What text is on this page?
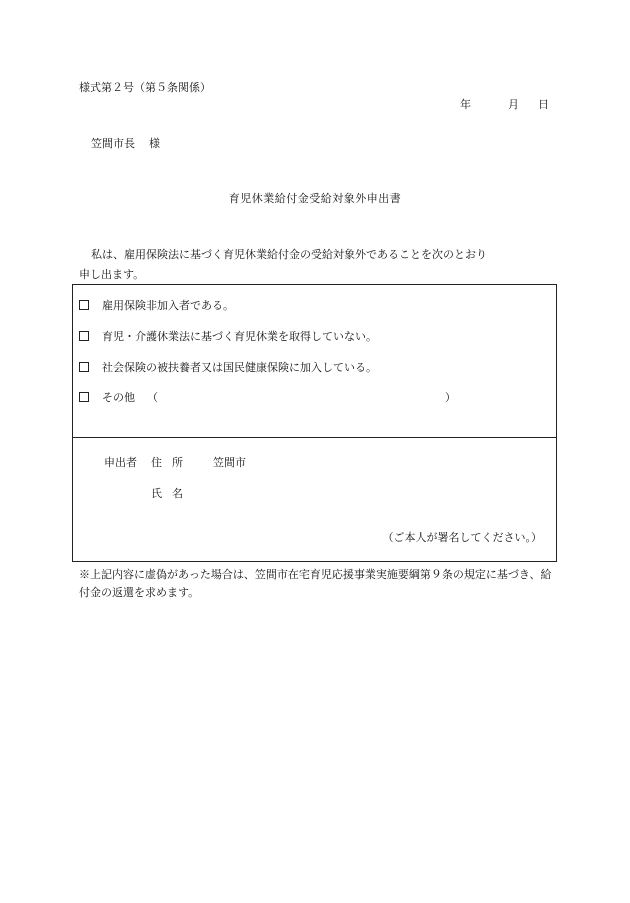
様式第２号（第５条関係）
年	月 日
笠間市長 様
育児休業給付金受給対象外申出書
私は、雇用保険法に基づく育児休業給付金の受給対象外であることを次のとおり
申し出ます。
雇用保険非加入者である。
育児・介護休業法に基づく育児休業を取得していない。
社会保険の被扶養者又は国民健康保険に加入している。
その他 （	）
申出者 住所 笠間市
氏名
（ご本人が署名してください。）
※上記内容に虚偽があった場合は、笠間市在宅育児応援事業実施要綱第９条の規定に基づき、給付金の返還を求めます。
